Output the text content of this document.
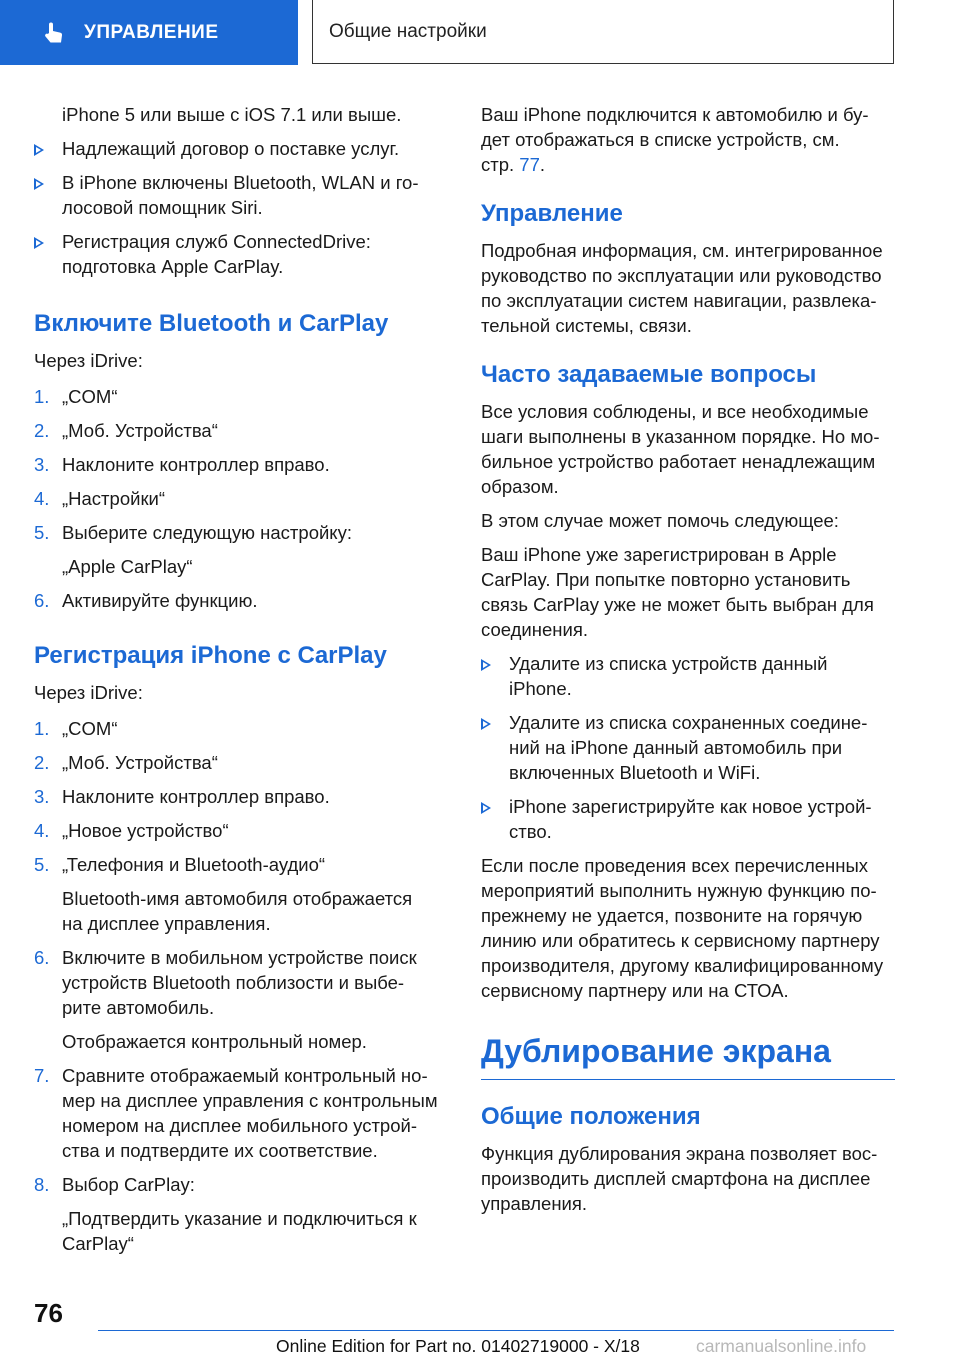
УПРАВЛЕНИЕ	Общие настройки

iPhone 5 или выше с iOS 7.1 или выше.

Надлежащий договор о поставке услуг.

В iPhone включены Bluetooth, WLAN и го-
лосовой помощник Siri.

Регистрация служб ConnectedDrive:
подготовка Apple CarPlay.

Включите Bluetooth и CarPlay

Через iDrive:

1. „COM“

2. „Моб. Устройства“

3. Наклоните контроллер вправо.

4. „Настройки“

5. Выберите следующую настройку:

„Apple CarPlay“

6. Активируйте функцию.

Регистрация iPhone с CarPlay

Через iDrive:

1. „COM“

2. „Моб. Устройства“

3. Наклоните контроллер вправо.

4. „Новое устройство“

5. „Телефония и Bluetooth-аудио“

Bluetooth-имя автомобиля отображается
на дисплее управления.

6. Включите в мобильном устройстве поиск
устройств Bluetooth поблизости и выбе-
рите автомобиль.

Отображается контрольный номер.

7. Сравните отображаемый контрольный но-
мер на дисплее управления с контрольным
номером на дисплее мобильного устрой-
ства и подтвердите их соответствие.

8. Выбор CarPlay:

„Подтвердить указание и подключиться к
CarPlay“

Ваш iPhone подключится к автомобилю и бу-
дет отображаться в списке устройств, см.
стр. 77.

Управление

Подробная информация, см. интегрированное
руководство по эксплуатации или руководство
по эксплуатации систем навигации, развлека-
тельной системы, связи.

Часто задаваемые вопросы

Все условия соблюдены, и все необходимые
шаги выполнены в указанном порядке. Но мо-
бильное устройство работает ненадлежащим
образом.

В этом случае может помочь следующее:

Ваш iPhone уже зарегистрирован в Apple
CarPlay. При попытке повторно установить
связь CarPlay уже не может быть выбран для
соединения.

Удалите из списка устройств данный
iPhone.

Удалите из списка сохраненных соедине-
ний на iPhone данный автомобиль при
включенных Bluetooth и WiFi.

iPhone зарегистрируйте как новое устрой-
ство.

Если после проведения всех перечисленных
мероприятий выполнить нужную функцию по-
прежнему не удается, позвоните на горячую
линию или обратитесь к сервисному партнеру
производителя, другому квалифицированному
сервисному партнеру или на СТОА.

Дублирование экрана
Общие положения

Функция дублирования экрана позволяет вос-
производить дисплей смартфона на дисплее
управления.

76
Online Edition for Part no. 01402719000 - X/18	carmanualsonline.info
